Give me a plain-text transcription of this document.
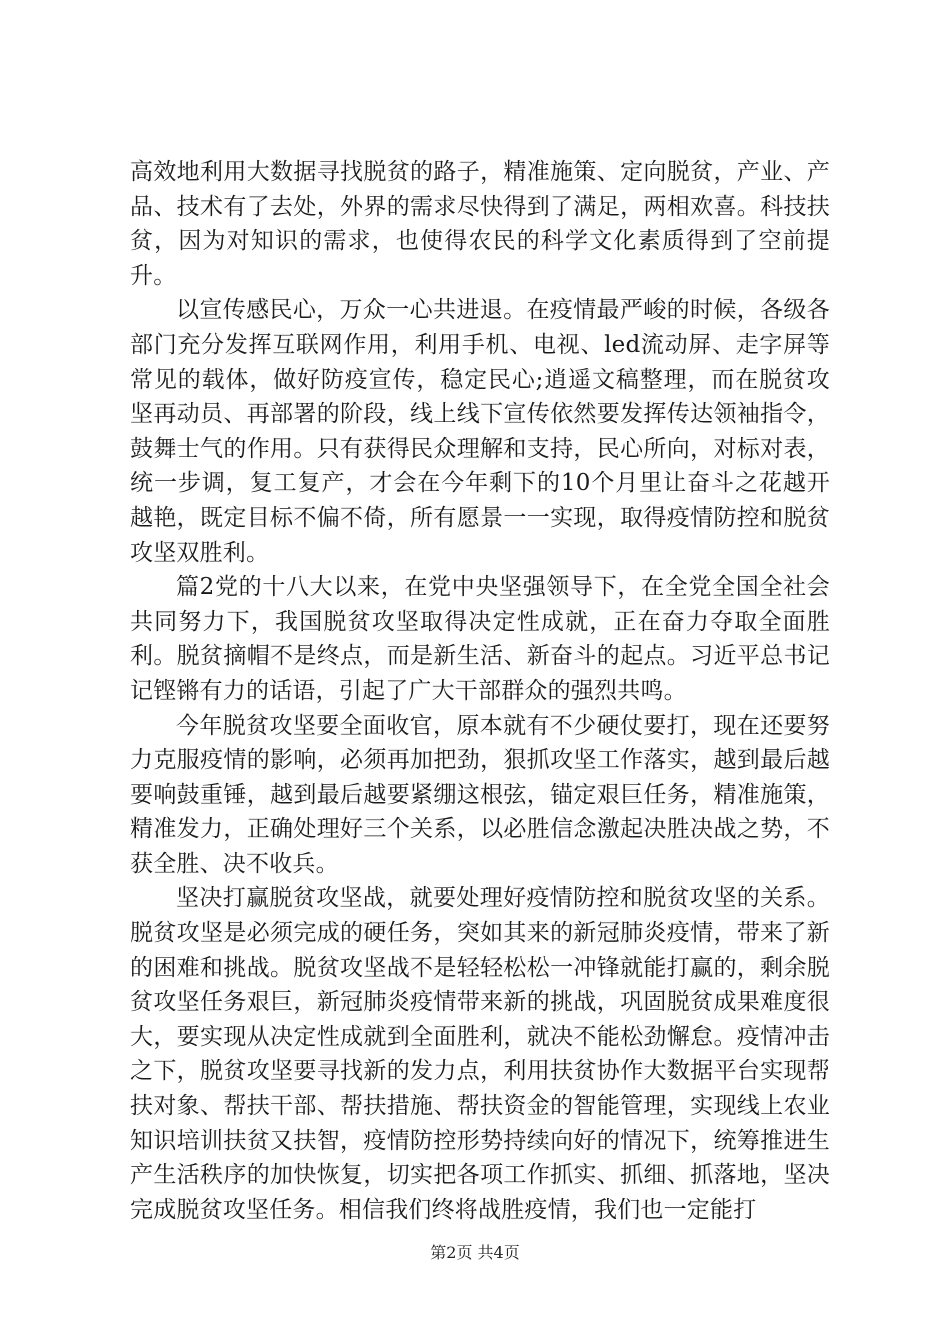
高效地利用大数据寻找脱贫的路子，精准施策、定向脱贫，产业、产品、技术有了去处，外界的需求尽快得到了满足，两相欢喜。科技扶贫，因为对知识的需求，也使得农民的科学文化素质得到了空前提升。

以宣传感民心，万众一心共进退。在疫情最严峻的时候，各级各部门充分发挥互联网作用，利用手机、电视、led流动屏、走字屏等常见的载体，做好防疫宣传，稳定民心;逍遥文稿整理，而在脱贫攻坚再动员、再部署的阶段，线上线下宣传依然要发挥传达领袖指令，鼓舞士气的作用。只有获得民众理解和支持，民心所向，对标对表，统一步调，复工复产，才会在今年剩下的10个月里让奋斗之花越开越艳，既定目标不偏不倚，所有愿景一一实现，取得疫情防控和脱贫攻坚双胜利。

篇2党的十八大以来，在党中央坚强领导下，在全党全国全社会共同努力下，我国脱贫攻坚取得决定性成就，正在奋力夺取全面胜利。脱贫摘帽不是终点，而是新生活、新奋斗的起点。习近平总书记记铿锵有力的话语，引起了广大干部群众的强烈共鸣。

今年脱贫攻坚要全面收官，原本就有不少硬仗要打，现在还要努力克服疫情的影响，必须再加把劲，狠抓攻坚工作落实，越到最后越要响鼓重锤，越到最后越要紧绷这根弦，锚定艰巨任务，精准施策，精准发力，正确处理好三个关系，以必胜信念激起决胜决战之势，不获全胜、决不收兵。

坚决打赢脱贫攻坚战，就要处理好疫情防控和脱贫攻坚的关系。脱贫攻坚是必须完成的硬任务，突如其来的新冠肺炎疫情，带来了新的困难和挑战。脱贫攻坚战不是轻轻松松一冲锋就能打赢的，剩余脱贫攻坚任务艰巨，新冠肺炎疫情带来新的挑战，巩固脱贫成果难度很大，要实现从决定性成就到全面胜利，就决不能松劲懈怠。疫情冲击之下，脱贫攻坚要寻找新的发力点，利用扶贫协作大数据平台实现帮扶对象、帮扶干部、帮扶措施、帮扶资金的智能管理，实现线上农业知识培训扶贫又扶智，疫情防控形势持续向好的情况下，统筹推进生产生活秩序的加快恢复，切实把各项工作抓实、抓细、抓落地，坚决完成脱贫攻坚任务。相信我们终将战胜疫情，我们也一定能打

第2页 共4页
